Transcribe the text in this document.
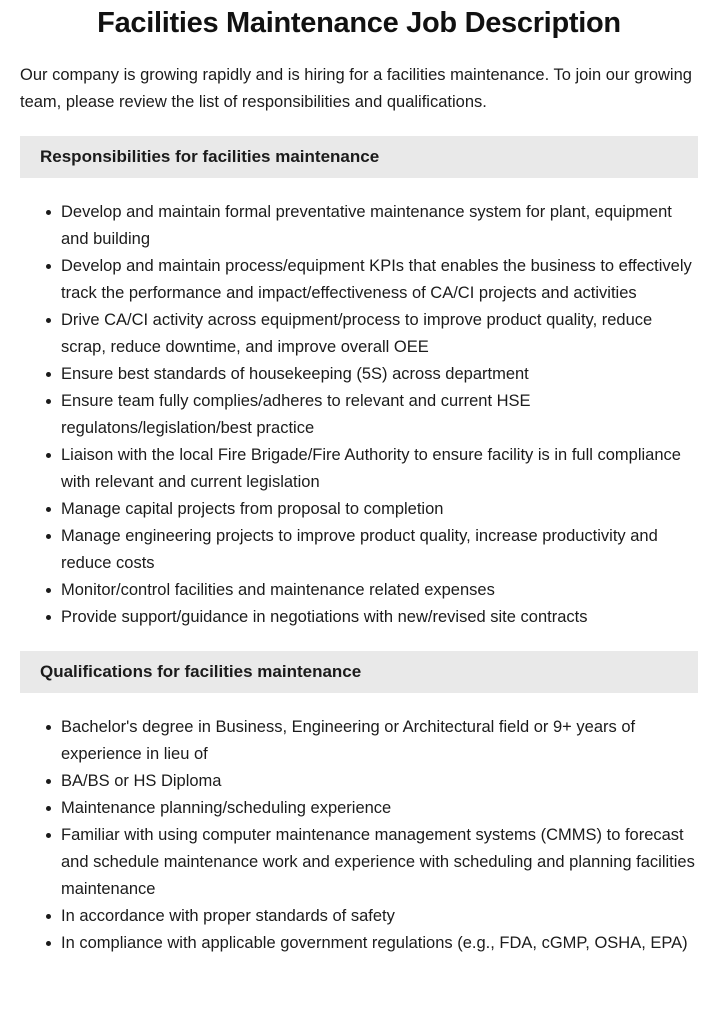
Facilities Maintenance Job Description

Our company is growing rapidly and is hiring for a facilities maintenance. To join our growing team, please review the list of responsibilities and qualifications.

Responsibilities for facilities maintenance
Develop and maintain formal preventative maintenance system for plant, equipment and building
Develop and maintain process/equipment KPIs that enables the business to effectively track the performance and impact/effectiveness of CA/CI projects and activities
Drive CA/CI activity across equipment/process to improve product quality, reduce scrap, reduce downtime, and improve overall OEE
Ensure best standards of housekeeping (5S) across department
Ensure team fully complies/adheres to relevant and current HSE regulatons/legislation/best practice
Liaison with the local Fire Brigade/Fire Authority to ensure facility is in full compliance with relevant and current legislation
Manage capital projects from proposal to completion
Manage engineering projects to improve product quality, increase productivity and reduce costs
Monitor/control facilities and maintenance related expenses
Provide support/guidance in negotiations with new/revised site contracts
Qualifications for facilities maintenance
Bachelor's degree in Business, Engineering or Architectural field or 9+ years of experience in lieu of
BA/BS or HS Diploma
Maintenance planning/scheduling experience
Familiar with using computer maintenance management systems (CMMS) to forecast and schedule maintenance work and experience with scheduling and planning facilities maintenance
In accordance with proper standards of safety
In compliance with applicable government regulations (e.g., FDA, cGMP, OSHA, EPA)
